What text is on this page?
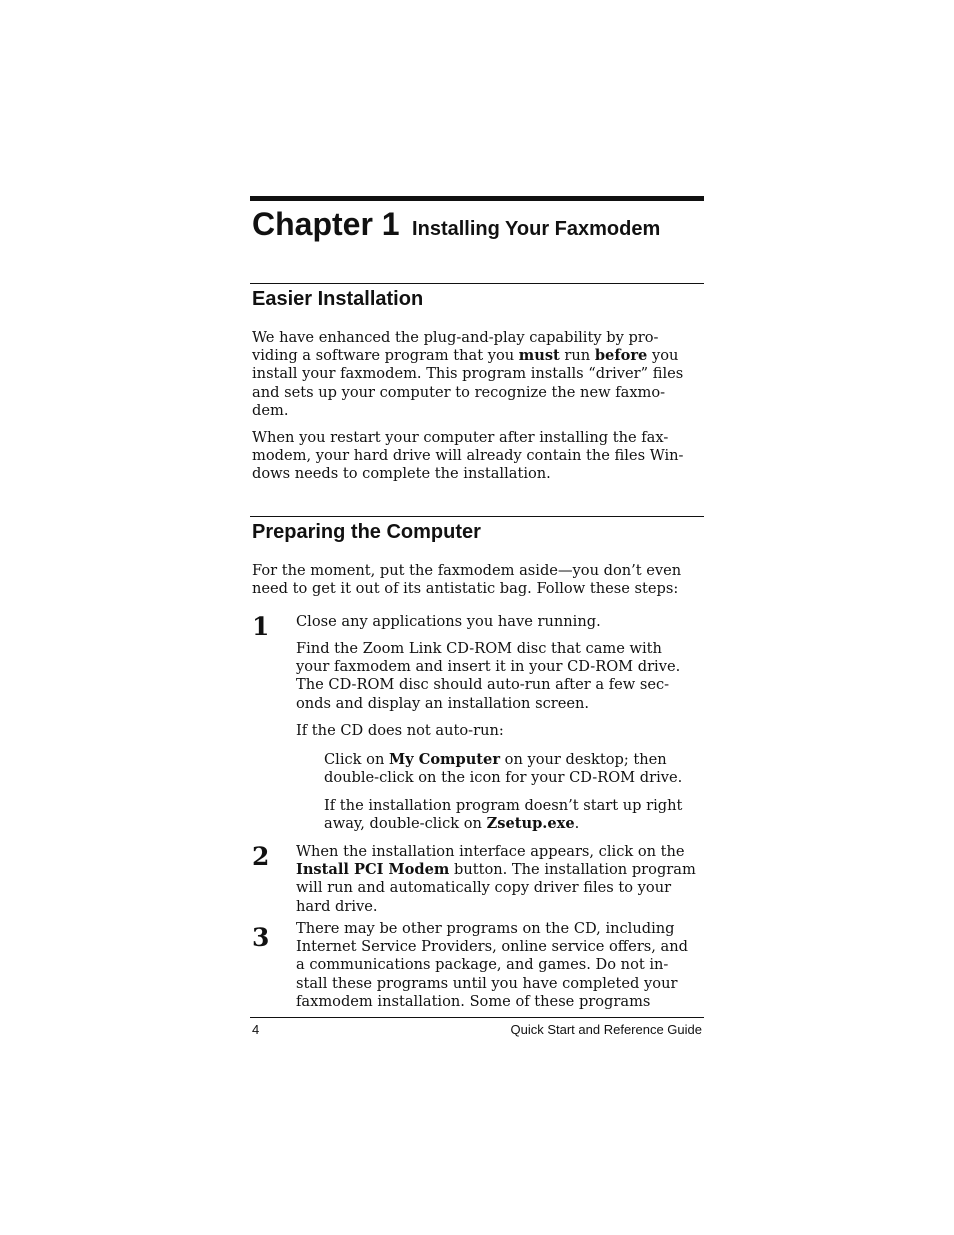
Chapter 1 Installing Your Faxmodem
Easier Installation
We have enhanced the plug-and-play capability by pro-
viding a software program that you must run before you
install your faxmodem. This program installs “driver” files
and sets up your computer to recognize the new faxmo-
dem.
When you restart your computer after installing the fax-
modem, your hard drive will already contain the files Win-
dows needs to complete the installation.
Preparing the Computer
For the moment, put the faxmodem aside—you don’t even
need to get it out of its antistatic bag. Follow these steps:
1 Close any applications you have running.
Find the Zoom Link CD-ROM disc that came with
your faxmodem and insert it in your CD-ROM drive.
The CD-ROM disc should auto-run after a few sec-
onds and display an installation screen.
If the CD does not auto-run:
Click on My Computer on your desktop; then
double-click on the icon for your CD-ROM drive.
If the installation program doesn’t start up right
away, double-click on Zsetup.exe.
2 When the installation interface appears, click on the
Install PCI Modem button. The installation program
will run and automatically copy driver files to your
hard drive.
3 There may be other programs on the CD, including
Internet Service Providers, online service offers, and
a communications package, and games. Do not in-
stall these programs until you have completed your
faxmodem installation. Some of these programs
4	Quick Start and Reference Guide
